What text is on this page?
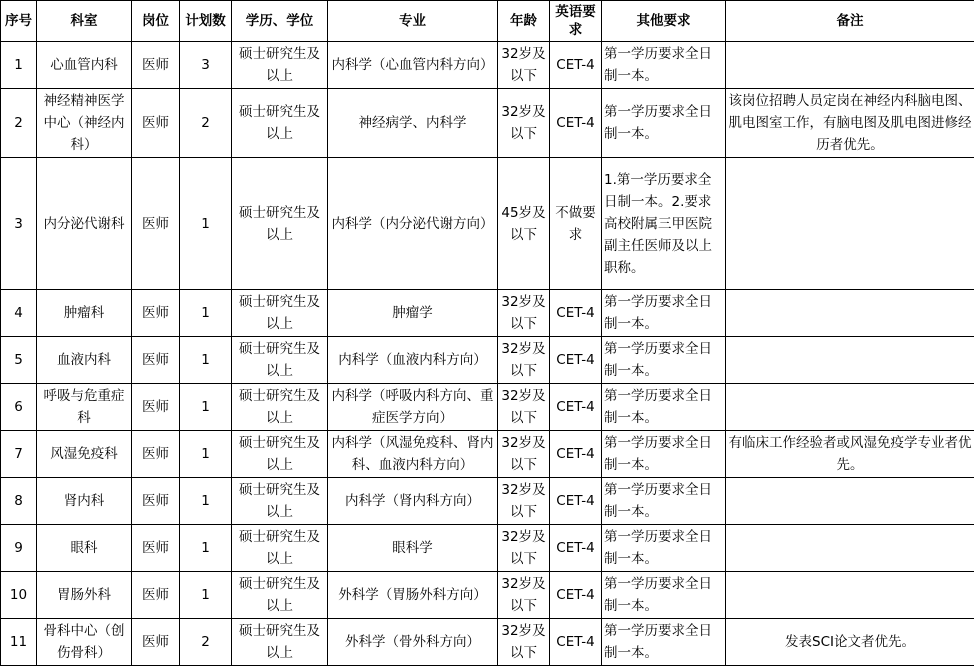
序号	科室	岗位	计划数	学历、学位	专业	年龄	英语要求	其他要求	备注
1	心血管内科	医师	3	硕士研究生及以上	内科学（心血管内科方向）	32岁及以下	CET-4	第一学历要求全日制一本。	
2	神经精神医学中心（神经内科）	医师	2	硕士研究生及以上	神经病学、内科学	32岁及以下	CET-4	第一学历要求全日制一本。	该岗位招聘人员定岗在神经内科脑电图、肌电图室工作，有脑电图及肌电图进修经历者优先。
3	内分泌代谢科	医师	1	硕士研究生及以上	内科学（内分泌代谢方向）	45岁及以下	不做要求	1.第一学历要求全日制一本。2.要求高校附属三甲医院副主任医师及以上职称。	
4	肿瘤科	医师	1	硕士研究生及以上	肿瘤学	32岁及以下	CET-4	第一学历要求全日制一本。	
5	血液内科	医师	1	硕士研究生及以上	内科学（血液内科方向）	32岁及以下	CET-4	第一学历要求全日制一本。	
6	呼吸与危重症科	医师	1	硕士研究生及以上	内科学（呼吸内科方向、重症医学方向）	32岁及以下	CET-4	第一学历要求全日制一本。	
7	风湿免疫科	医师	1	硕士研究生及以上	内科学（风湿免疫科、肾内科、血液内科方向）	32岁及以下	CET-4	第一学历要求全日制一本。	有临床工作经验者或风湿免疫学专业者优先。
8	肾内科	医师	1	硕士研究生及以上	内科学（肾内科方向）	32岁及以下	CET-4	第一学历要求全日制一本。	
9	眼科	医师	1	硕士研究生及以上	眼科学	32岁及以下	CET-4	第一学历要求全日制一本。	
10	胃肠外科	医师	1	硕士研究生及以上	外科学（胃肠外科方向）	32岁及以下	CET-4	第一学历要求全日制一本。	
11	骨科中心（创伤骨科）	医师	2	硕士研究生及以上	外科学（骨外科方向）	32岁及以下	CET-4	第一学历要求全日制一本。	发表SCI论文者优先。
